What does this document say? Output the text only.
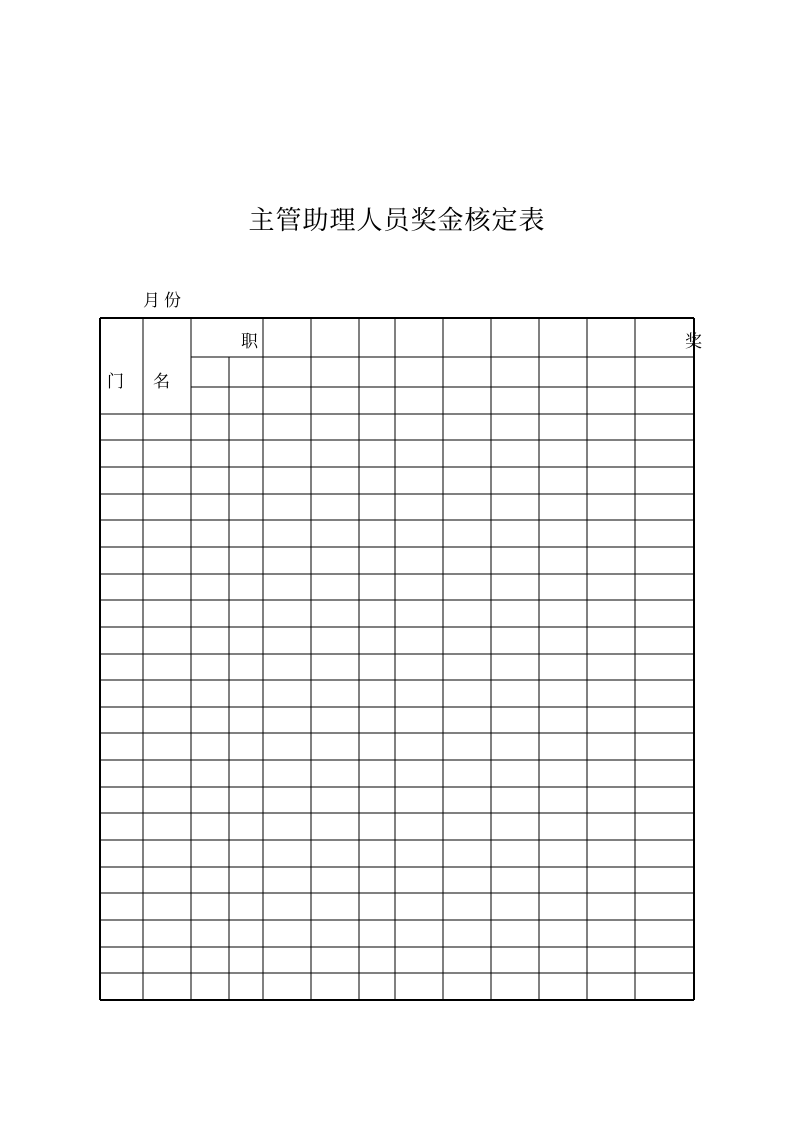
主管助理人员奖金核定表
月份
门 名
职	奖
